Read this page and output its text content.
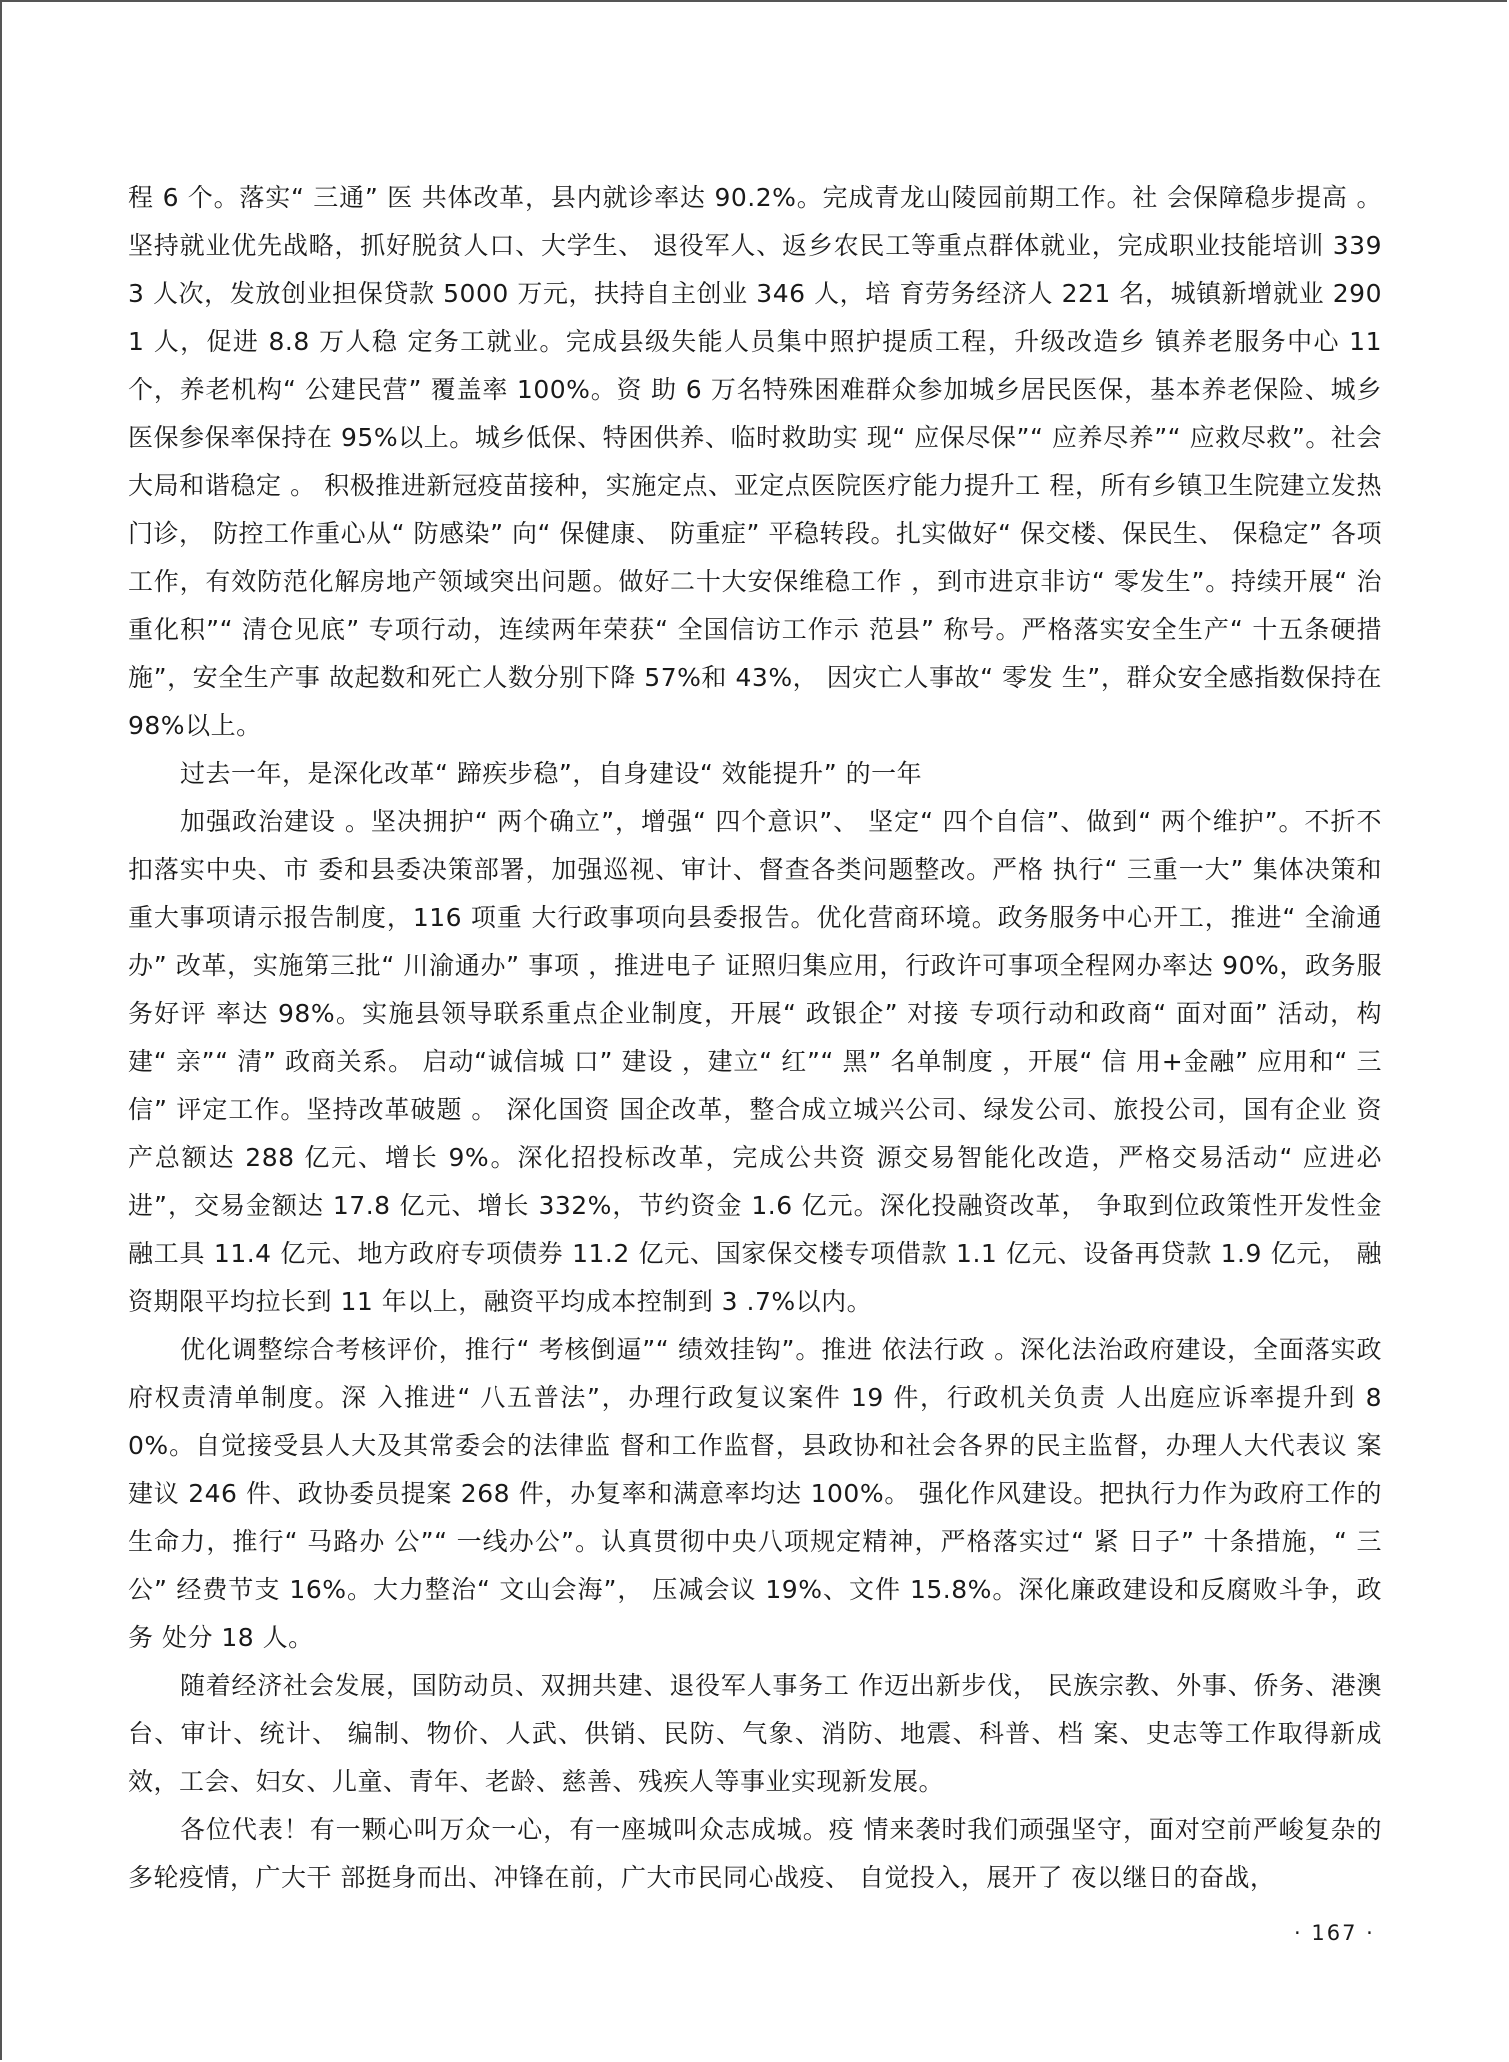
程 6 个。落实“ 三通” 医 共体改革，县内就诊率达 90.2%。完成青龙山陵园前期工作。社 会保障稳步提高 。 坚持就业优先战略，抓好脱贫人口、大学生、 退役军人、返乡农民工等重点群体就业，完成职业技能培训 3393 人次，发放创业担保贷款 5000 万元，扶持自主创业 346 人，培 育劳务经济人 221 名，城镇新增就业 2901 人，促进 8.8 万人稳 定务工就业。完成县级失能人员集中照护提质工程，升级改造乡 镇养老服务中心 11 个，养老机构“ 公建民营” 覆盖率 100%。资 助 6 万名特殊困难群众参加城乡居民医保，基本养老保险、城乡 医保参保率保持在 95%以上。城乡低保、特困供养、临时救助实 现“ 应保尽保”“ 应养尽养”“ 应救尽救”。社会大局和谐稳定 。 积极推进新冠疫苗接种，实施定点、亚定点医院医疗能力提升工 程，所有乡镇卫生院建立发热门诊， 防控工作重心从“ 防感染” 向“ 保健康、 防重症” 平稳转段。扎实做好“ 保交楼、保民生、 保稳定” 各项工作，有效防范化解房地产领域突出问题。做好二十大安保维稳工作 ，到市进京非访“ 零发生”。持续开展“ 治重化积”“ 清仓见底” 专项行动，连续两年荣获“ 全国信访工作示 范县” 称号。严格落实安全生产“ 十五条硬措施”，安全生产事 故起数和死亡人数分别下降 57%和 43%， 因灾亡人事故“ 零发 生”，群众安全感指数保持在 98%以上。

过去一年，是深化改革“ 蹄疾步稳”，自身建设“ 效能提升” 的一年

加强政治建设 。坚决拥护“ 两个确立”，增强“ 四个意识”、 坚定“ 四个自信”、做到“ 两个维护”。不折不扣落实中央、市 委和县委决策部署，加强巡视、审计、督查各类问题整改。严格 执行“ 三重一大” 集体决策和重大事项请示报告制度，116 项重 大行政事项向县委报告。优化营商环境。政务服务中心开工，推进“ 全渝通办” 改革，实施第三批“ 川渝通办” 事项 ，推进电子 证照归集应用，行政许可事项全程网办率达 90%，政务服务好评 率达 98%。实施县领导联系重点企业制度，开展“ 政银企” 对接 专项行动和政商“ 面对面” 活动，构建“ 亲”“ 清” 政商关系。 启动“诚信城 口” 建设 ，建立“ 红”“ 黑” 名单制度 ，开展“ 信 用+金融” 应用和“ 三信” 评定工作。坚持改革破题 。 深化国资 国企改革，整合成立城兴公司、绿发公司、旅投公司，国有企业 资产总额达 288 亿元、增长 9%。深化招投标改革，完成公共资 源交易智能化改造，严格交易活动“ 应进必进”，交易金额达 17.8 亿元、增长 332%，节约资金 1.6 亿元。深化投融资改革， 争取到位政策性开发性金融工具 11.4 亿元、地方政府专项债券 11.2 亿元、国家保交楼专项借款 1.1 亿元、设备再贷款 1.9 亿元， 融资期限平均拉长到 11 年以上，融资平均成本控制到 3 .7%以内。

优化调整综合考核评价，推行“ 考核倒逼”“ 绩效挂钩”。推进 依法行政 。深化法治政府建设，全面落实政府权责清单制度。深 入推进“ 八五普法”，办理行政复议案件 19 件，行政机关负责 人出庭应诉率提升到 80%。自觉接受县人大及其常委会的法律监 督和工作监督，县政协和社会各界的民主监督，办理人大代表议 案建议 246 件、政协委员提案 268 件，办复率和满意率均达 100%。 强化作风建设。把执行力作为政府工作的生命力，推行“ 马路办 公”“ 一线办公”。认真贯彻中央八项规定精神，严格落实过“ 紧 日子” 十条措施，“ 三公” 经费节支 16%。大力整治“ 文山会海”， 压减会议 19%、文件 15.8%。深化廉政建设和反腐败斗争，政务 处分 18 人。

随着经济社会发展，国防动员、双拥共建、退役军人事务工 作迈出新步伐， 民族宗教、外事、侨务、港澳台、审计、统计、 编制、物价、人武、供销、民防、气象、消防、地震、科普、档 案、史志等工作取得新成效，工会、妇女、儿童、青年、老龄、慈善、残疾人等事业实现新发展。

各位代表！有一颗心叫万众一心，有一座城叫众志成城。疫 情来袭时我们顽强坚守，面对空前严峻复杂的多轮疫情，广大干 部挺身而出、冲锋在前，广大市民同心战疫、 自觉投入，展开了 夜以继日的奋战，

· 167 ·
